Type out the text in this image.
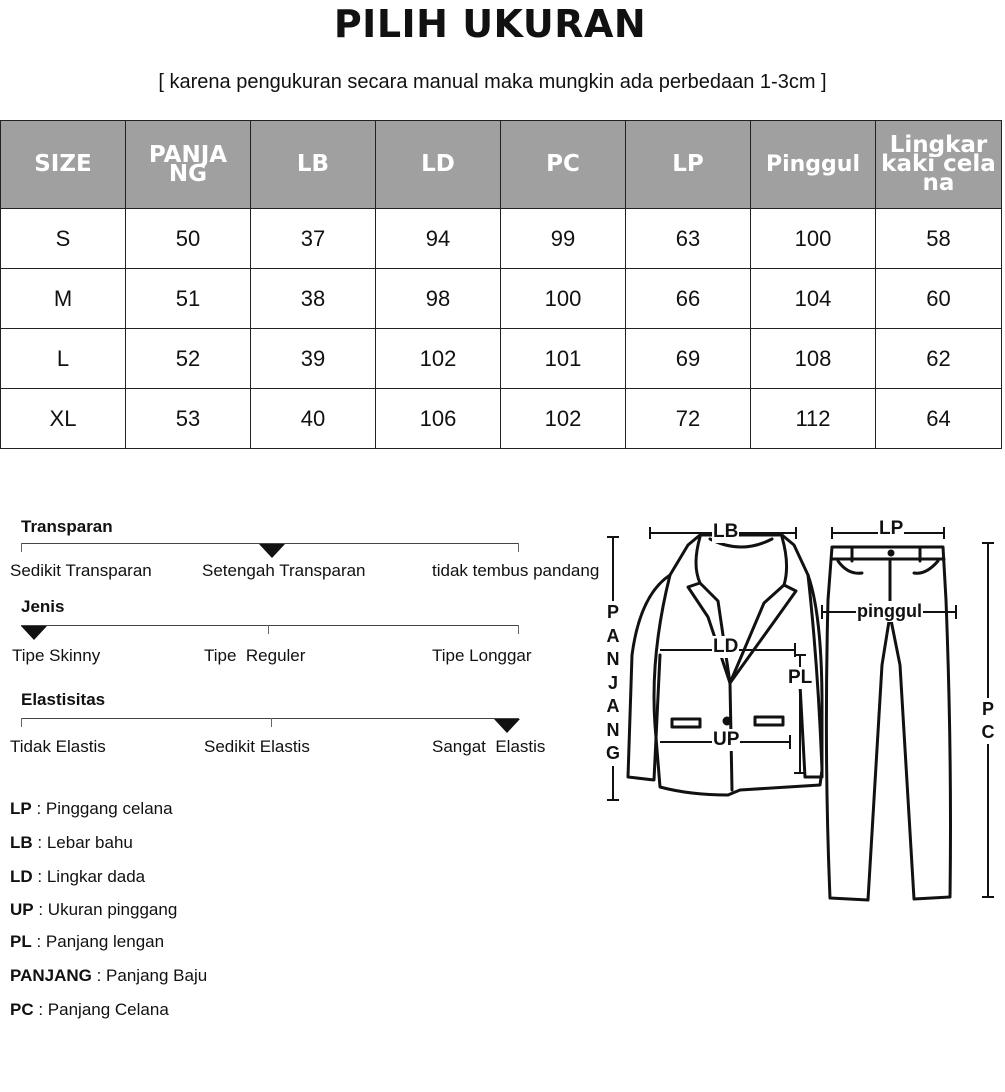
PILIH UKURAN
[ karena pengukuran secara manual maka mungkin ada perbedaan 1-3cm ]
SIZE	PANJANG	LB	LD	PC	LP	Pinggul	Lingkar kaki celana
S	50	37	94	99	63	100	58
M	51	38	98	100	66	104	60
L	52	39	102	101	69	108	62
XL	53	40	106	102	72	112	64
Transparan
Sedikit Transparan	Setengah Transparan	tidak tembus pandang
Jenis
Tipe Skinny	Tipe  Reguler	Tipe Longgar
Elastisitas
Tidak Elastis	Sedikit Elastis	Sangat  Elastis
LP : Pinggang celana
LB : Lebar bahu
LD : Lingkar dada
UP : Ukuran pinggang
PL : Panjang lengan
PANJANG : Panjang Baju
PC : Panjang Celana
LB	LP
LD
PL
UP
pinggul
PANJANG
PC
